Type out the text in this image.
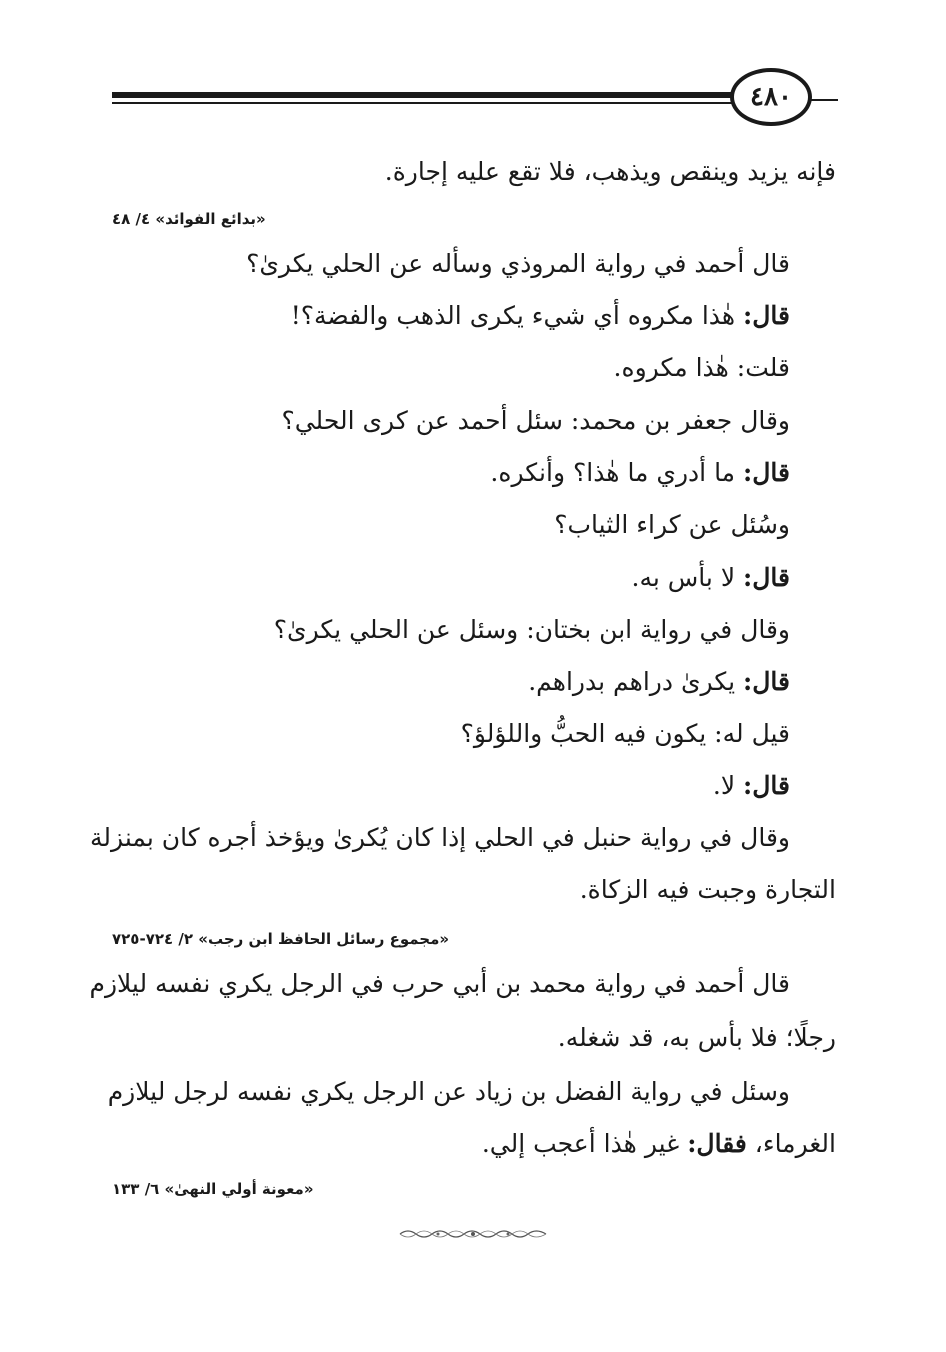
٤٨٠
فإنه يزيد وينقص ويذهب، فلا تقع عليه إجارة.
«بدائع الفوائد» ٤/ ٤٨
قال أحمد في رواية المروذي وسأله عن الحلي يكرىٰ؟
قال: هٰذا مكروه أي شيء يكرى الذهب والفضة؟!
قلت: هٰذا مكروه.
وقال جعفر بن محمد: سئل أحمد عن كرى الحلي؟
قال: ما أدري ما هٰذا؟ وأنكره.
وسُئل عن كراء الثياب؟
قال: لا بأس به.
وقال في رواية ابن بختان: وسئل عن الحلي يكرىٰ؟
قال: يكرىٰ دراهم بدراهم.
قيل له: يكون فيه الحبُّ واللؤلؤ؟
قال: لا.
وقال في رواية حنبل في الحلي إذا كان يُكرىٰ ويؤخذ أجره كان بمنزلة
التجارة وجبت فيه الزكاة.
«مجموع رسائل الحافظ ابن رجب» ٢/ ٧٢٤-٧٢٥
قال أحمد في رواية محمد بن أبي حرب في الرجل يكري نفسه ليلازم
رجلًا؛ فلا بأس به، قد شغله.
وسئل في رواية الفضل بن زياد عن الرجل يكري نفسه لرجل ليلازم
الغرماء، فقال: غير هٰذا أعجب إلي.
«معونة أولي النهىٰ» ٦/ ١٣٣
